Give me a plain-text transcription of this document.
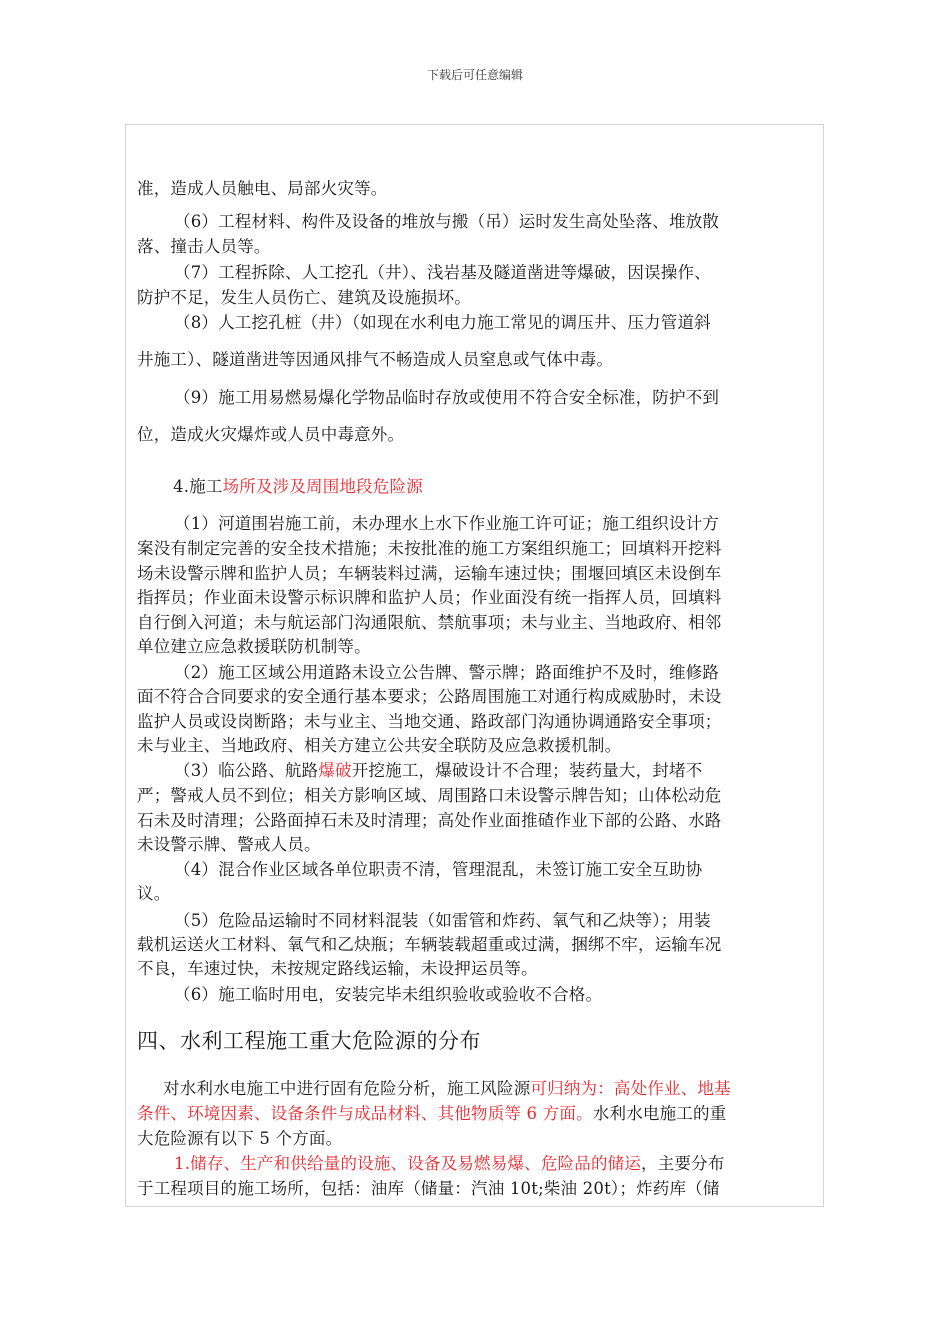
下载后可任意编辑

准，造成人员触电、局部火灾等。

（6）工程材料、构件及设备的堆放与搬（吊）运时发生高处坠落、堆放散

落、撞击人员等。

（7）工程拆除、人工挖孔（井）、浅岩基及隧道凿进等爆破，因误操作、

防护不足，发生人员伤亡、建筑及设施损坏。

（8）人工挖孔桩（井）（如现在水利电力施工常见的调压井、压力管道斜

井施工）、隧道凿进等因通风排气不畅造成人员窒息或气体中毒。

（9）施工用易燃易爆化学物品临时存放或使用不符合安全标准，防护不到

位，造成火灾爆炸或人员中毒意外。

4.施工场所及涉及周围地段危险源

（1）河道围岩施工前，未办理水上水下作业施工许可证；施工组织设计方

案没有制定完善的安全技术措施；未按批准的施工方案组织施工；回填料开挖料

场未设警示牌和监护人员；车辆装料过满，运输车速过快；围堰回填区未设倒车

指挥员；作业面未设警示标识牌和监护人员；作业面没有统一指挥人员，回填料

自行倒入河道；未与航运部门沟通限航、禁航事项；未与业主、当地政府、相邻

单位建立应急救援联防机制等。

（2）施工区域公用道路未设立公告牌、警示牌；路面维护不及时，维修路

面不符合合同要求的安全通行基本要求；公路周围施工对通行构成威胁时，未设

监护人员或设岗断路；未与业主、当地交通、路政部门沟通协调通路安全事项；

未与业主、当地政府、相关方建立公共安全联防及应急救援机制。

（3）临公路、航路爆破开挖施工，爆破设计不合理；装药量大，封堵不

严；警戒人员不到位；相关方影响区域、周围路口未设警示牌告知；山体松动危

石未及时清理；公路面掉石未及时清理；高处作业面推碴作业下部的公路、水路

未设警示牌、警戒人员。

（4）混合作业区域各单位职责不清，管理混乱，未签订施工安全互助协

议。

（5）危险品运输时不同材料混装（如雷管和炸药、氧气和乙炔等）；用装

载机运送火工材料、氧气和乙炔瓶；车辆装载超重或过满，捆绑不牢，运输车况

不良，车速过快，未按规定路线运输，未设押运员等。

（6）施工临时用电，安装完毕未组织验收或验收不合格。

四、水利工程施工重大危险源的分布

对水利水电施工中进行固有危险分析，施工风险源可归纳为：高处作业、地基

条件、环境因素、设备条件与成品材料、其他物质等 6 方面。水利水电施工的重

大危险源有以下 5 个方面。

1.储存、生产和供给量的设施、设备及易燃易爆、危险品的储运，主要分布

于工程项目的施工场所，包括：油库（储量：汽油 10t;柴油 20t）；炸药库（储
